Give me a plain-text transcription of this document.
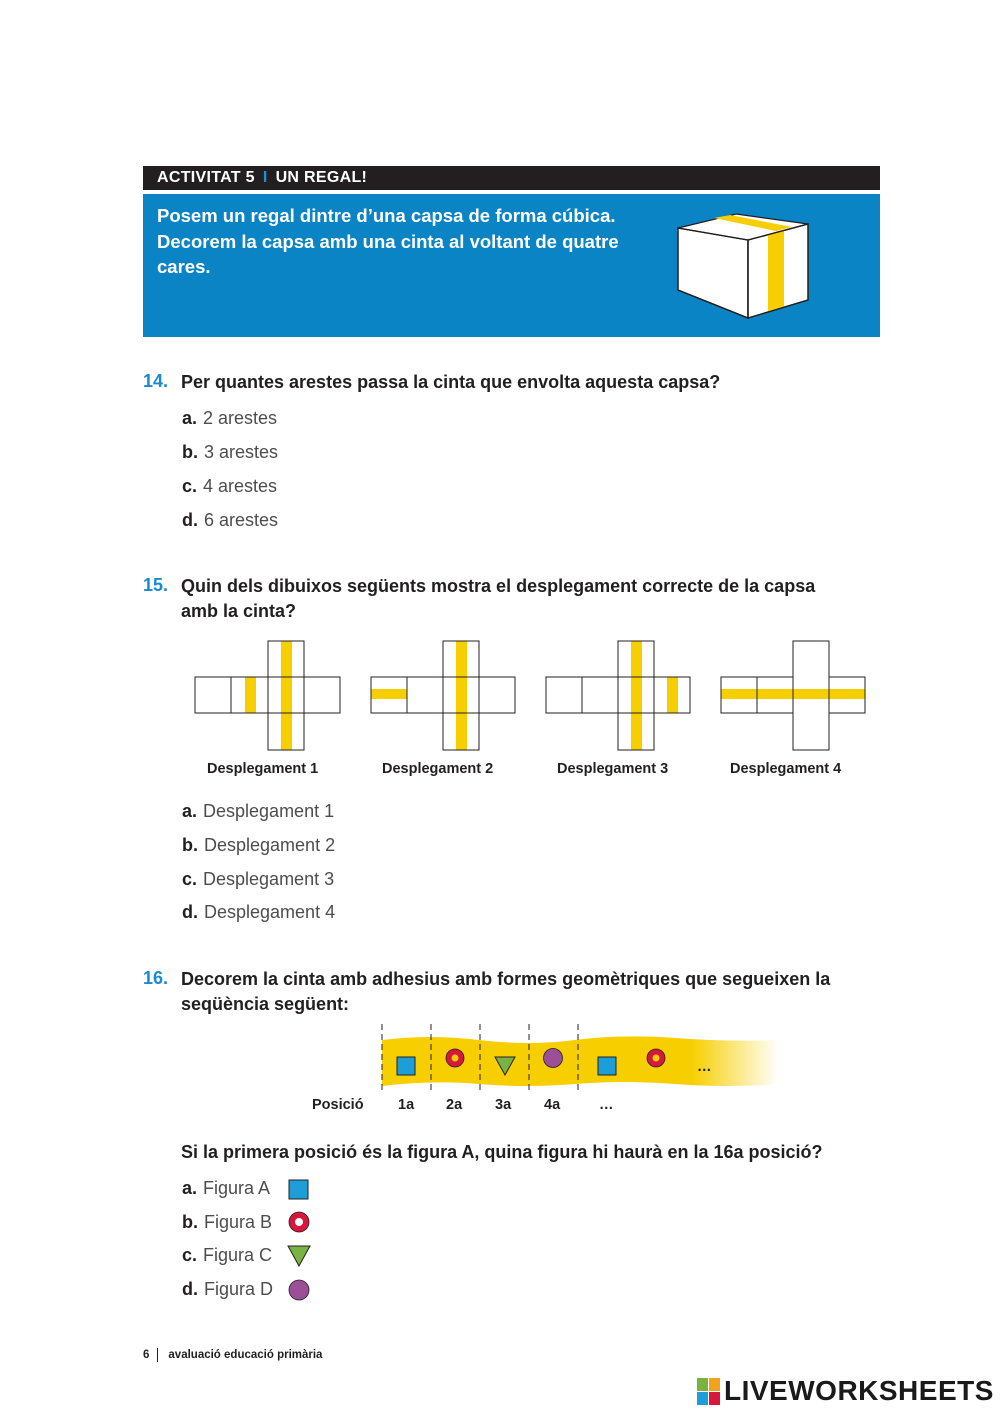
ACTIVITAT 5 I UN REGAL!
Posem un regal dintre d’una capsa de forma cúbica. Decorem la capsa amb una cinta al voltant de quatre cares.
14. Per quantes arestes passa la cinta que envolta aquesta capsa?
a. 2 arestes
b. 3 arestes
c. 4 arestes
d. 6 arestes
15. Quin dels dibuixos següents mostra el desplegament correcte de la capsa
amb la cinta?
Desplegament 1	Desplegament 2	Desplegament 3	Desplegament 4
a. Desplegament 1
b. Desplegament 2
c. Desplegament 3
d. Desplegament 4
16. Decorem la cinta amb adhesius amb formes geomètriques que segueixen la
seqüència següent:
…
Posició 1a 2a 3a 4a	…
Si la primera posició és la figura A, quina figura hi haurà en la 16a posició?
a. Figura A
b. Figura B
c. Figura C
d. Figura D
6 avaluació educació primària
LIVEWORKSHEETS
